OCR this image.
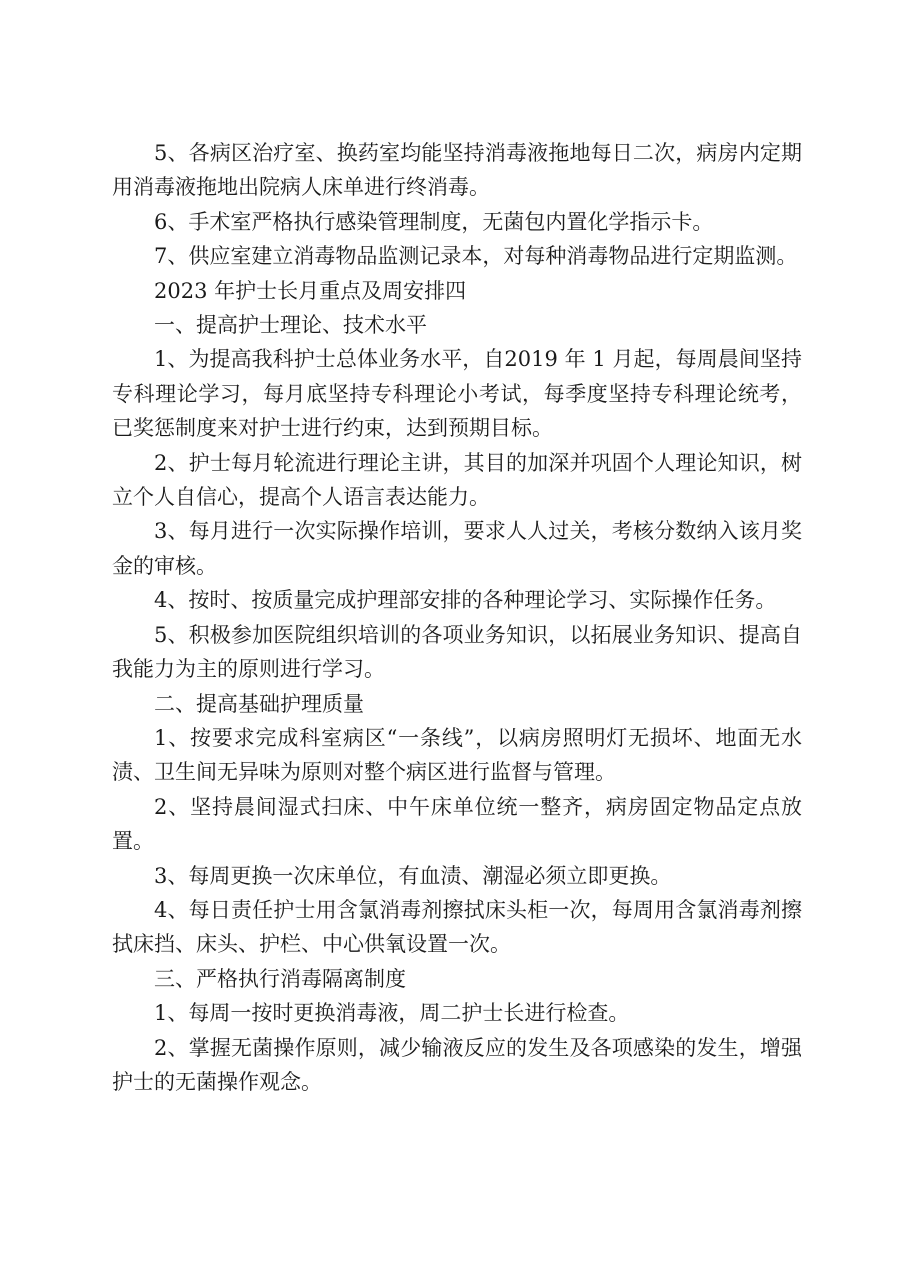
5、各病区治疗室、换药室均能坚持消毒液拖地每日二次，病房内定期用消毒液拖地出院病人床单进行终消毒。

6、手术室严格执行感染管理制度，无菌包内置化学指示卡。

7、供应室建立消毒物品监测记录本，对每种消毒物品进行定期监测。

2023 年护士长月重点及周安排四

一、提高护士理论、技术水平

1、为提高我科护士总体业务水平，自2019 年 1 月起，每周晨间坚持专科理论学习，每月底坚持专科理论小考试，每季度坚持专科理论统考，已奖惩制度来对护士进行约束，达到预期目标。

2、护士每月轮流进行理论主讲，其目的加深并巩固个人理论知识，树立个人自信心，提高个人语言表达能力。

3、每月进行一次实际操作培训，要求人人过关，考核分数纳入该月奖金的审核。

4、按时、按质量完成护理部安排的各种理论学习、实际操作任务。

5、积极参加医院组织培训的各项业务知识，以拓展业务知识、提高自我能力为主的原则进行学习。

二、提高基础护理质量

1、按要求完成科室病区“一条线”，以病房照明灯无损坏、地面无水渍、卫生间无异味为原则对整个病区进行监督与管理。

2、坚持晨间湿式扫床、中午床单位统一整齐，病房固定物品定点放置。

3、每周更换一次床单位，有血渍、潮湿必须立即更换。

4、每日责任护士用含氯消毒剂擦拭床头柜一次，每周用含氯消毒剂擦拭床挡、床头、护栏、中心供氧设置一次。

三、严格执行消毒隔离制度

1、每周一按时更换消毒液，周二护士长进行检查。

2、掌握无菌操作原则，减少输液反应的发生及各项感染的发生，增强护士的无菌操作观念。
